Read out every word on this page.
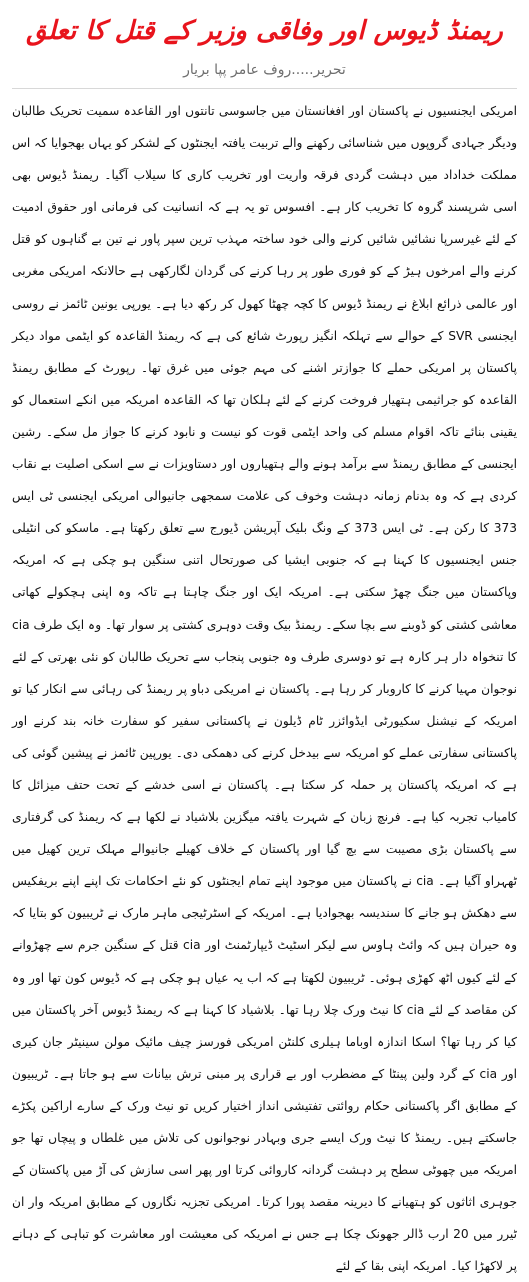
ریمنڈ ڈیوس اور وفاقی وزیر کے قتل کا تعلق
تحریر.....روف عامر پپا بریار

امریکی ایجنسیوں نے پاکستان اور افغانستان میں جاسوسی تانتوں اور القاعدہ سمیت تحریک طالبان ودیگر جہادی گروپوں میں شناسائی رکھنے والے تربیت یافتہ ایجنٹوں کے لشکر کو یہاں بھجوایا کہ اس مملکت خداداد میں دہشت گردی فرقہ واریت اور تخریب کاری کا سیلاب آگیا۔ ریمنڈ ڈیوس بھی اسی شرپسند گروہ کا تخریب کار ہے۔ افسوس تو یہ ہے کہ انسانیت کی فرمانی اور حقوق ادمیت کے لئے غیرسرپا نشائیں شائیں کرنے والی خود ساختہ مہذب ترین سپر پاور نے تین بے گناہوں کو قتل کرنے والے امرخوں ہیڑ کے کو فوری طور پر رہا کرنے کی گردان لگارکھی ہے حالانکہ امریکی مغربی اور عالمی ذرائع ابلاغ نے ریمنڈ ڈیوس کا کچہ چھٹا کھول کر رکھ دیا ہے۔ یورپی یونین ٹائمز نے روسی ایجنسی SVR کے حوالے سے تہلکہ انگیز رپورٹ شائع کی ہے کہ ریمنڈ القاعدہ کو ایٹمی مواد دیکر پاکستان پر امریکی حملے کا جوازتر اشنے کی مہم جوئی میں غرق تھا۔ رپورٹ کے مطابق ریمنڈ القاعدہ کو جراثیمی ہتھیار فروخت کرنے کے لئے ہلکان تھا کہ القاعدہ امریکہ میں انکے استعمال کو یقینی بنائے تاکہ اقوام مسلم کی واحد ایٹمی قوت کو نیست و نابود کرنے کا جواز مل سکے۔ رشین ایجنسی کے مطابق ریمنڈ سے برآمد ہونے والے ہتھیاروں اور دستاویزات نے سے اسکی اصلیت بے نقاب کردی ہے کہ وہ بدنام زمانہ دہشت وخوف کی علامت سمجھی جانیوالی امریکی ایجنسی ٹی ایس 373 کا رکن ہے۔ ٹی ایس 373 کے ونگ بلیک آپریشن ڈیورج سے تعلق رکھتا ہے۔ ماسکو کی انٹیلی جنس ایجنسیوں کا کہنا ہے کہ جنوبی ایشیا کی صورتحال اتنی سنگین ہو چکی ہے کہ امریکہ وپاکستان میں جنگ چھڑ سکتی ہے۔ امریکہ ایک اور جنگ چاہتا ہے تاکہ وہ اپنی ہچکولے کھاتی معاشی کشتی کو ڈوبنے سے بچا سکے۔ ریمنڈ بیک وقت دوہری کشتی پر سوار تھا۔ وہ ایک طرف cia کا تنخواہ دار ہر کارہ ہے تو دوسری طرف وہ جنوبی پنجاب سے تحریک طالبان کو نئی بھرتی کے لئے نوجوان مہیا کرنے کا کاروبار کر رہا ہے۔ پاکستان نے امریکی دباو پر ریمنڈ کی رہائی سے انکار کیا تو امریکہ کے نیشنل سکیورٹی ایڈوائزر ٹام ڈیلون نے پاکستانی سفیر کو سفارت خانہ بند کرنے اور پاکستانی سفارتی عملے کو امریکہ سے بیدخل کرنے کی دھمکی دی۔ یورپین ٹائمز نے پیشین گوئی کی ہے کہ امریکہ پاکستان پر حملہ کر سکتا ہے۔ پاکستان نے اسی خدشے کے تحت حتف میزائل کا کامیاب تجربہ کیا ہے۔ فرنچ زبان کے شہرت یافتہ میگزین بلاشیاد نے لکھا ہے کہ ریمنڈ کی گرفتاری سے پاکستان بڑی مصیبت سے بچ گیا اور پاکستان کے خلاف کھیلے جانیوالے مہلک ترین کھیل میں ٹھہراو آگیا ہے۔ cia نے پاکستان میں موجود اپنے تمام ایجنٹوں کو نئے احکامات تک اپنے اپنے بریفکیس سے دھکش ہو جانے کا سندیسہ بھجوادیا ہے۔ امریکہ کے اسٹرٹیجی ماہر مارک نے ٹریبیون کو بتایا کہ وہ حیران ہیں کہ وائٹ ہاوس سے لیکر اسٹیٹ ڈیپارٹمنٹ اور cia قتل کے سنگین جرم سے چھڑوانے کے لئے کیوں اٹھ کھڑی ہوئی۔ ٹریبیون لکھتا ہے کہ اب یہ عیاں ہو چکی ہے کہ ڈیوس کون تھا اور وہ کن مقاصد کے لئے cia کا نیٹ ورک چلا رہا تھا۔ بلاشیاد کا کہنا ہے کہ ریمنڈ ڈیوس آخر پاکستان میں کیا کر رہا تھا؟ اسکا اندازہ اوباما ہیلری کلنٹن امریکی فورسز چیف مائیک مولن سینیٹر جان کیری اور cia کے گرد ولین پینٹا کے مضطرب اور بے قراری پر مبنی ترش بیانات سے ہو جاتا ہے۔ ٹریبیون کے مطابق اگر پاکستانی حکام روائتی تفتیشی انداز اختیار کریں تو نیٹ ورک کے سارے اراکین پکڑے جاسکتے ہیں۔ ریمنڈ کا نیٹ ورک ایسے جری وبہادر نوجوانوں کی تلاش میں غلطاں و پیچاں تھا جو امریکہ میں چھوٹی سطح پر دہشت گردانہ کاروائی کرتا اور پھر اسی سازش کی آڑ میں پاکستان کے جوہری اثاثوں کو ہتھیانے کا دیرینہ مقصد پورا کرتا۔ امریکی تجزیہ نگاروں کے مطابق امریکہ وار ان ٹیرر میں 20 ارب ڈالر جھونک چکا ہے جس نے امریکہ کی معیشت اور معاشرت کو تباہی کے دہانے پر لاکھڑا کیا۔ امریکہ اپنی بقا کے لئے
